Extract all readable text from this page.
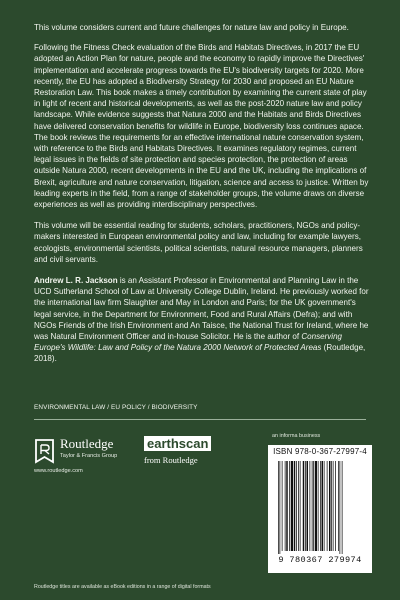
This volume considers current and future challenges for nature law and policy in Europe.

Following the Fitness Check evaluation of the Birds and Habitats Directives, in 2017 the EU adopted an Action Plan for nature, people and the economy to rapidly improve the Directives' implementation and accelerate progress towards the EU's biodiversity targets for 2020. More recently, the EU has adopted a Biodiversity Strategy for 2030 and proposed an EU Nature Restoration Law. This book makes a timely contribution by examining the current state of play in light of recent and historical developments, as well as the post-2020 nature law and policy landscape. While evidence suggests that Natura 2000 and the Habitats and Birds Directives have delivered conservation benefits for wildlife in Europe, biodiversity loss continues apace. The book reviews the requirements for an effective international nature conservation system, with reference to the Birds and Habitats Directives. It examines regulatory regimes, current legal issues in the fields of site protection and species protection, the protection of areas outside Natura 2000, recent developments in the EU and the UK, including the implications of Brexit, agriculture and nature conservation, litigation, science and access to justice. Written by leading experts in the field, from a range of stakeholder groups, the volume draws on diverse experiences as well as providing interdisciplinary perspectives.

This volume will be essential reading for students, scholars, practitioners, NGOs and policy-makers interested in European environmental policy and law, including for example lawyers, ecologists, environmental scientists, political scientists, natural resource managers, planners and civil servants.

Andrew L. R. Jackson is an Assistant Professor in Environmental and Planning Law in the UCD Sutherland School of Law at University College Dublin, Ireland. He previously worked for the international law firm Slaughter and May in London and Paris; for the UK government's legal service, in the Department for Environment, Food and Rural Affairs (Defra); and with NGOs Friends of the Irish Environment and An Taisce, the National Trust for Ireland, where he was Natural Environment Officer and in-house Solicitor. He is the author of Conserving Europe's Wildlife: Law and Policy of the Natura 2000 Network of Protected Areas (Routledge, 2018).

ENVIRONMENTAL LAW / EU POLICY / BIODIVERSITY
Routledge
Taylor & Francis Group
www.routledge.com
earthscan
from Routledge
an informa business
ISBN 978-0-367-27997-4
9 780367 279974
Routledge titles are available as eBook editions in a range of digital formats
